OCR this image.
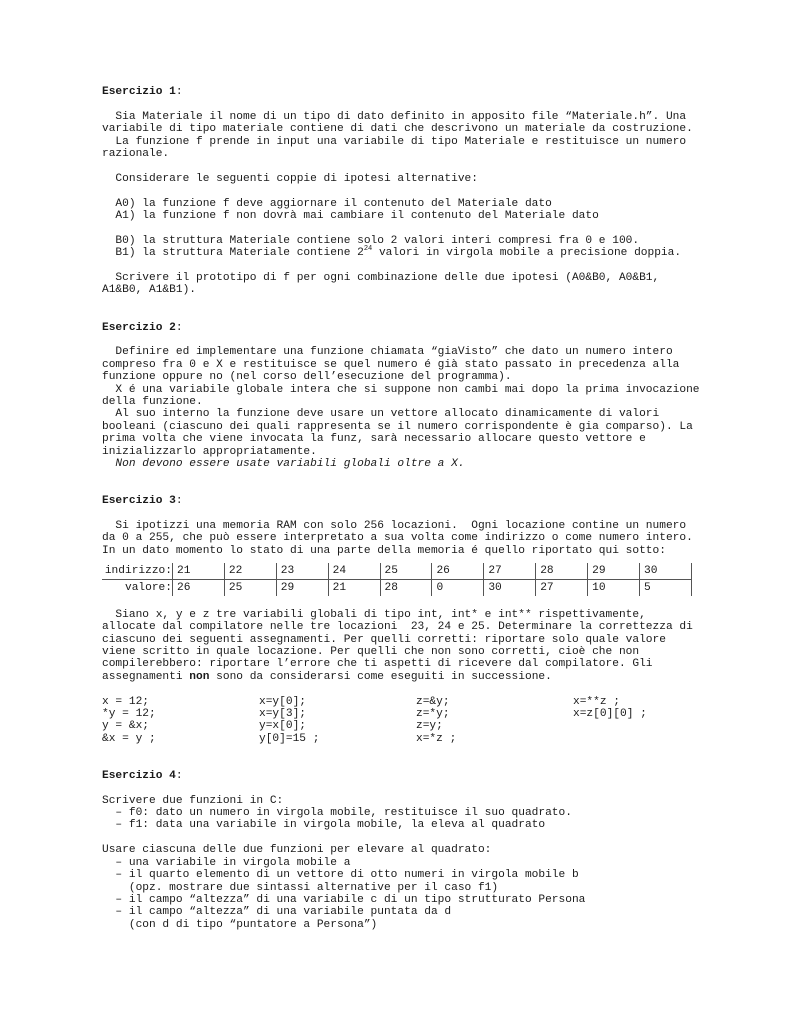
Esercizio 1:
Sia Materiale il nome di un tipo di dato definito in apposito file “Materiale.h”. Una
variabile di tipo materiale contiene di dati che descrivono un materiale da costruzione.
La funzione f prende in input una variabile di tipo Materiale e restituisce un numero
razionale.
Considerare le seguenti coppie di ipotesi alternative:
A0) la funzione f deve aggiornare il contenuto del Materiale dato
A1) la funzione f non dovrà mai cambiare il contenuto del Materiale dato
B0) la struttura Materiale contiene solo 2 valori interi compresi fra 0 e 100.
B1) la struttura Materiale contiene $2^{24}$ valori in virgola mobile a precisione doppia.
Scrivere il prototipo di f per ogni combinazione delle due ipotesi (A0&B0, A0&B1,
A1&B0, A1&B1).
Esercizio 2:
Definire ed implementare una funzione chiamata “giaVisto” che dato un numero intero
compreso fra 0 e X e restituisce se quel numero é già stato passato in precedenza alla
funzione oppure no (nel corso dell’esecuzione del programma).
X é una variabile globale intera che si suppone non cambi mai dopo la prima invocazione
della funzione.
Al suo interno la funzione deve usare un vettore allocato dinamicamente di valori
booleani (ciascuno dei quali rappresenta se il numero corrispondente è gia comparso). La
prima volta che viene invocata la funz, sarà necessario allocare questo vettore e
inizializzarlo appropriatamente.
Non devono essere usate variabili globali oltre a X.
Esercizio 3:
Si ipotizzi una memoria RAM con solo 256 locazioni.  Ogni locazione contine un numero
da 0 a 255, che può essere interpretato a sua volta come indirizzo o come numero intero.
In un dato momento lo stato di una parte della memoria é quello riportato qui sotto:
indirizzo:	21	22	23	24	25	26	27	28	29	30
valore:	26	25	29	21	28	0	30	27	10	5
Siano x, y e z tre variabili globali di tipo int, int* e int** rispettivamente,
allocate dal compilatore nelle tre locazioni  23, 24 e 25. Determinare la correttezza di
ciascuno dei seguenti assegnamenti. Per quelli corretti: riportare solo quale valore
viene scritto in quale locazione. Per quelli che non sono corretti, cioè che non
compilerebbero: riportare l’errore che ti aspetti di ricevere dal compilatore. Gli
assegnamenti non sono da considerarsi come eseguiti in successione.
x = 12;	x=y[0];	z=&y;	x=**z ;
*y = 12;	x=y[3];	z=*y;	x=z[0][0] ;
y = &x;	y=x[0];	z=y;
&x = y ;	y[0]=15 ;	x=*z ;
Esercizio 4:
Scrivere due funzioni in C:
– f0: dato un numero in virgola mobile, restituisce il suo quadrato.
– f1: data una variabile in virgola mobile, la eleva al quadrato
Usare ciascuna delle due funzioni per elevare al quadrato:
– una variabile in virgola mobile a
– il quarto elemento di un vettore di otto numeri in virgola mobile b
(opz. mostrare due sintassi alternative per il caso f1)
– il campo “altezza” di una variabile c di un tipo strutturato Persona
– il campo “altezza” di una variabile puntata da d
(con d di tipo “puntatore a Persona”)
